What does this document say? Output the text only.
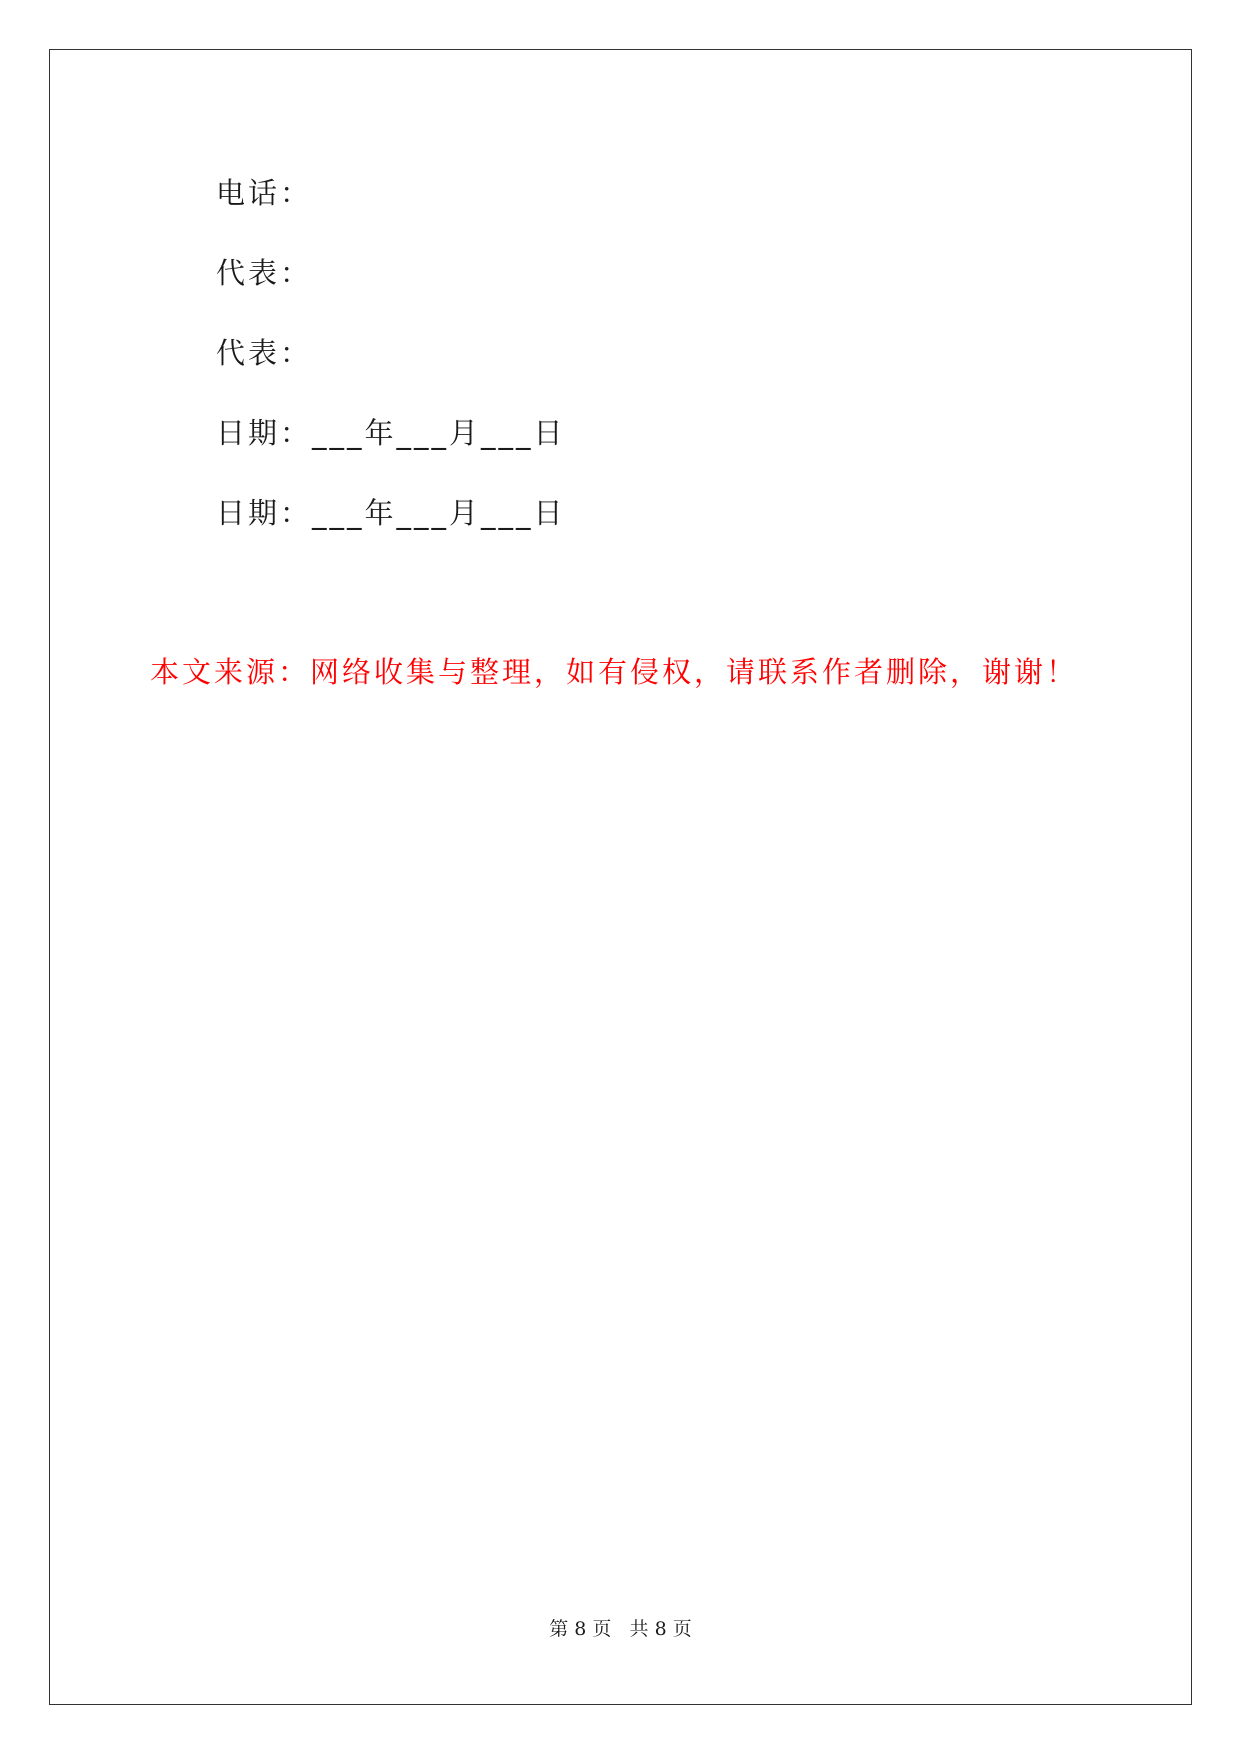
电话：
代表：
代表：
日期：___年___月___日
日期：___年___月___日
本文来源：网络收集与整理，如有侵权，请联系作者删除，谢谢！
第 8 页   共 8 页
